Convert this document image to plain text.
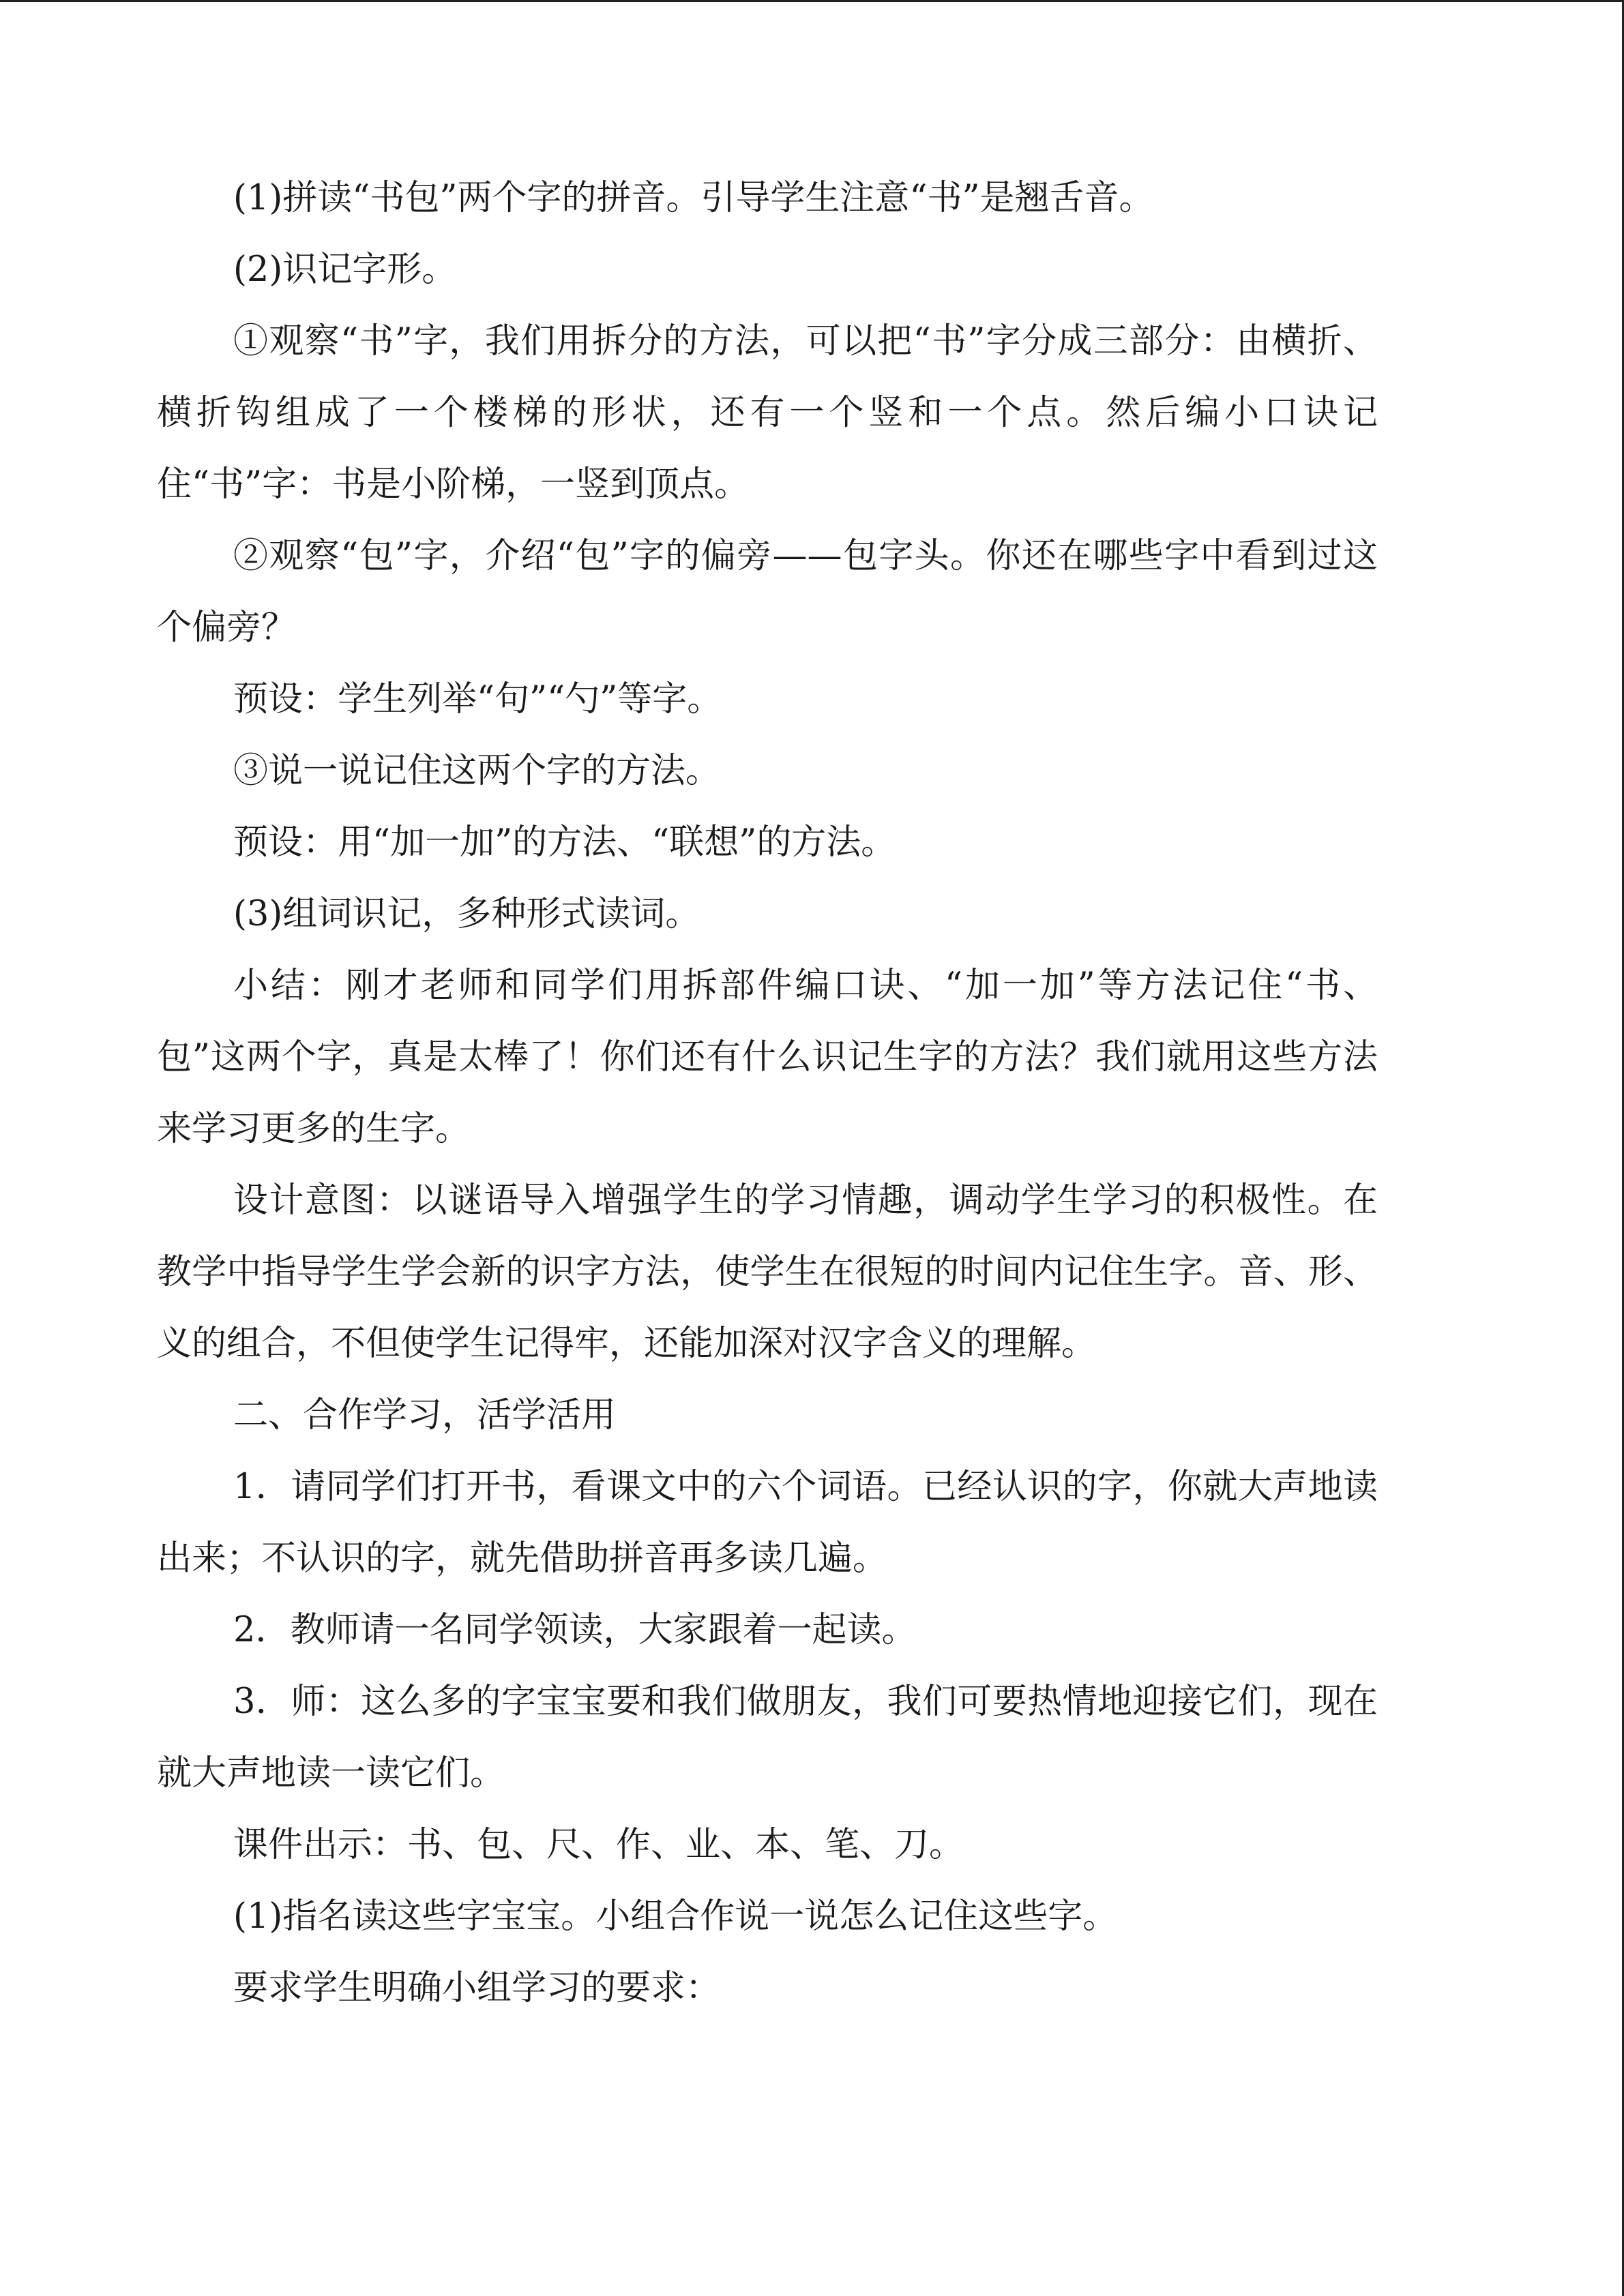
(1)拼读“书包”两个字的拼音。引导学生注意“书”是翘舌音。

(2)识记字形。

①观察“书”字，我们用拆分的方法，可以把“书”字分成三部分：由横折、横折钩组成了一个楼梯的形状，还有一个竖和一个点。然后编小口诀记住“书”字：书是小阶梯，一竖到顶点。

②观察“包”字，介绍“包”字的偏旁——包字头。你还在哪些字中看到过这个偏旁？

预设：学生列举“句”“勺”等字。

③说一说记住这两个字的方法。

预设：用“加一加”的方法、“联想”的方法。

(3)组词识记，多种形式读词。

小结：刚才老师和同学们用拆部件编口诀、“加一加”等方法记住“书、包”这两个字，真是太棒了！你们还有什么识记生字的方法？我们就用这些方法来学习更多的生字。

设计意图：以谜语导入增强学生的学习情趣，调动学生学习的积极性。在教学中指导学生学会新的识字方法，使学生在很短的时间内记住生字。音、形、义的组合，不但使学生记得牢，还能加深对汉字含义的理解。

二、合作学习，活学活用

1．请同学们打开书，看课文中的六个词语。已经认识的字，你就大声地读出来；不认识的字，就先借助拼音再多读几遍。

2．教师请一名同学领读，大家跟着一起读。

3．师：这么多的字宝宝要和我们做朋友，我们可要热情地迎接它们，现在就大声地读一读它们。

课件出示：书、包、尺、作、业、本、笔、刀。

(1)指名读这些字宝宝。小组合作说一说怎么记住这些字。

要求学生明确小组学习的要求：
